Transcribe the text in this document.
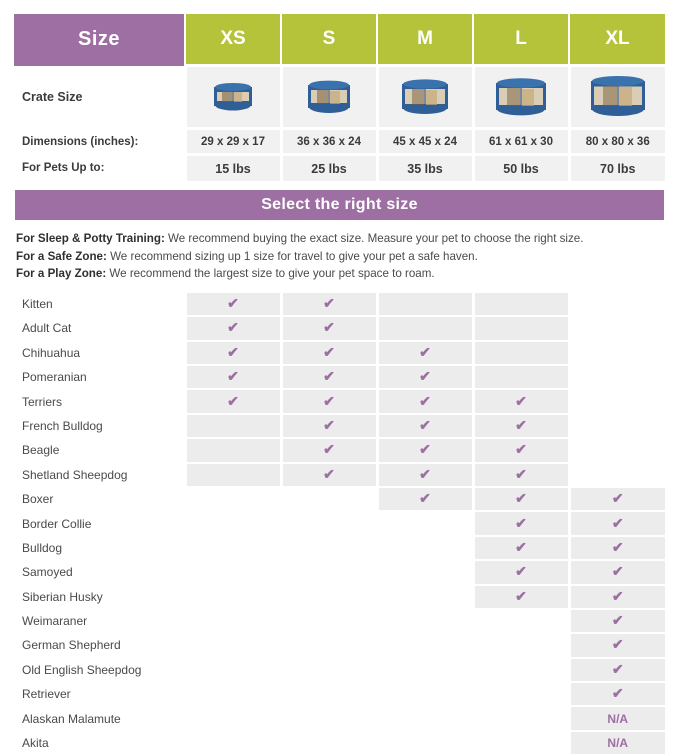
Size	XS	S	M	L	XL
Crate Size	

Dimensions (inches):	29 x 29 x 17	36 x 36 x 24	45 x 45 x 24	61 x 61 x 30	80 x 80 x 36
For Pets Up to:	15 lbs	25 lbs	35 lbs	50 lbs	70 lbs

Select the right size					

For Sleep & Potty Training: We recommend buying the exact size. Measure your pet to choose the right size.
For a Safe Zone: We recommend sizing up 1 size for travel to give your pet a safe haven.
For a Play Zone: We recommend the largest size to give your pet space to roam.					
Kitten	✔	✔			
Adult Cat	✔	✔			
Chihuahua	✔	✔	✔		
Pomeranian	✔	✔	✔		
Terriers	✔	✔	✔	✔	
French Bulldog		✔	✔	✔	
Beagle		✔	✔	✔	
Shetland Sheepdog		✔	✔	✔	
Boxer			✔	✔	✔
Border Collie				✔	✔
Bulldog				✔	✔
Samoyed				✔	✔
Siberian Husky				✔	✔
Weimaraner					✔
German Shepherd					✔
Old English Sheepdog					✔
Retriever					✔
Alaskan Malamute					N/A
Akita					N/A
